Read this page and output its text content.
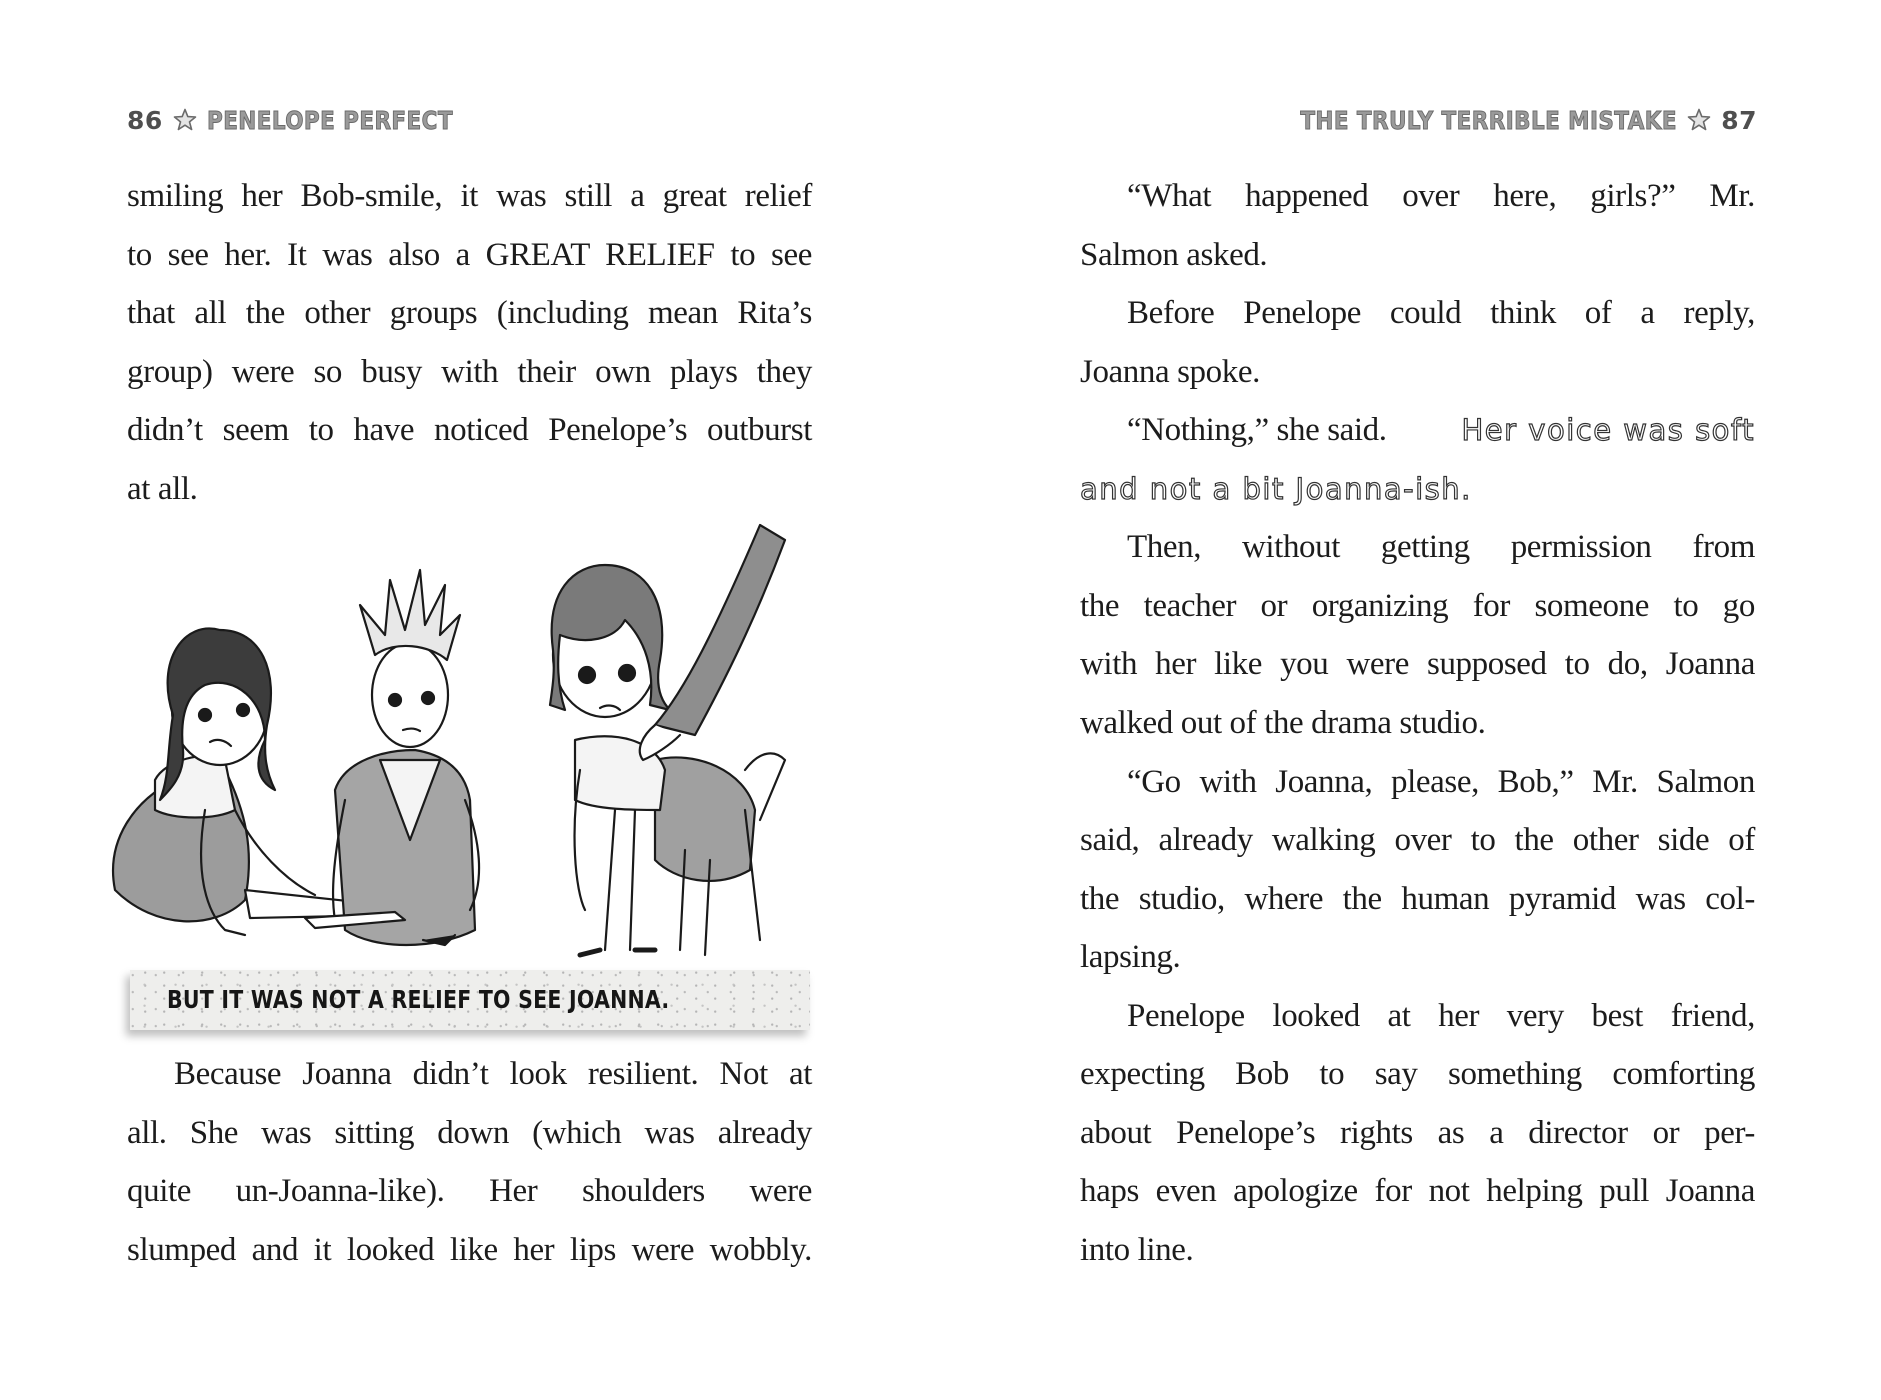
86 PENELOPE PERFECT
smiling her Bob-smile, it was still a great relief
to see her. It was also a GREAT RELIEF to see
that all the other groups (including mean Rita’s
group) were so busy with their own plays they
didn’t seem to have noticed Penelope’s outburst
at all.
BUT IT WAS NOT A RELIEF TO SEE JOANNA.
Because Joanna didn’t look resilient. Not at
all. She was sitting down (which was already
quite un-Joanna-like). Her shoulders were
slumped and it looked like her lips were wobbly.
THE TRULY TERRIBLE MISTAKE 87
“What happened over here, girls?” Mr.
Salmon asked.
Before Penelope could think of a reply,
Joanna spoke.
“Nothing,” she said.	Her voice was soft
and not a bit Joanna-ish.
Then, without getting permission from
the teacher or organizing for someone to go
with her like you were supposed to do, Joanna
walked out of the drama studio.
“Go with Joanna, please, Bob,” Mr. Salmon
said, already walking over to the other side of
the studio, where the human pyramid was col-
lapsing.
Penelope looked at her very best friend,
expecting Bob to say something comforting
about Penelope’s rights as a director or per-
haps even apologize for not helping pull Joanna
into line.
